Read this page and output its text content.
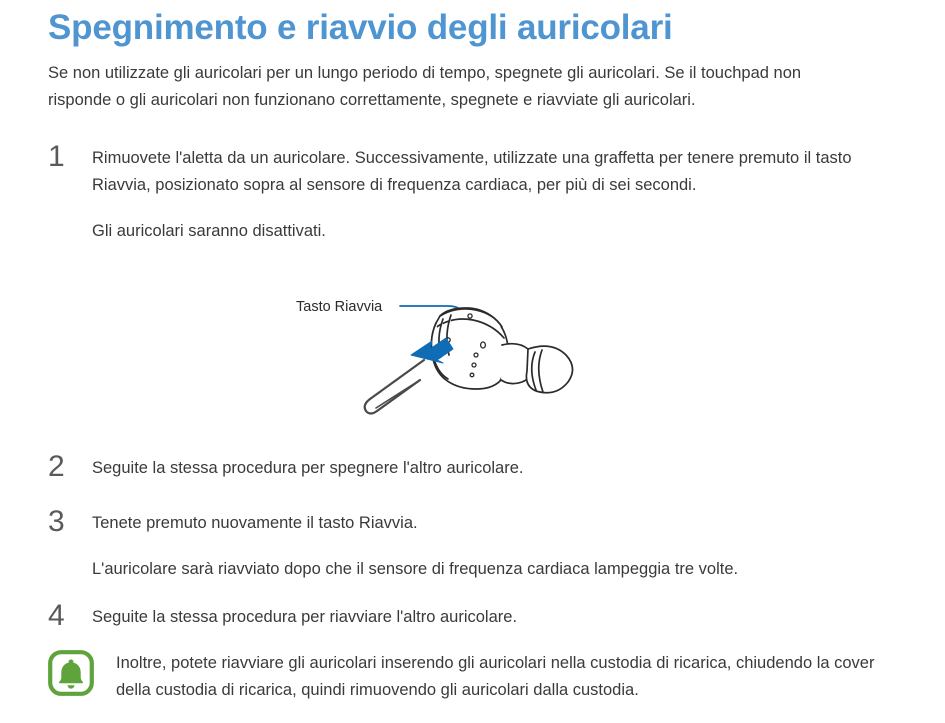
Spegnimento e riavvio degli auricolari

Se non utilizzate gli auricolari per un lungo periodo di tempo, spegnete gli auricolari. Se il touchpad non risponde o gli auricolari non funzionano correttamente, spegnete e riavviate gli auricolari.

1	Rimuovete l'aletta da un auricolare. Successivamente, utilizzate una graffetta per tenere premuto il tasto Riavvia, posizionato sopra al sensore di frequenza cardiaca, per più di sei secondi.

Gli auricolari saranno disattivati.

Tasto Riavvia
2	Seguite la stessa procedura per spegnere l'altro auricolare.

3	Tenete premuto nuovamente il tasto Riavvia.

L'auricolare sarà riavviato dopo che il sensore di frequenza cardiaca lampeggia tre volte.

4	Seguite la stessa procedura per riavviare l'altro auricolare.

Inoltre, potete riavviare gli auricolari inserendo gli auricolari nella custodia di ricarica, chiudendo la cover della custodia di ricarica, quindi rimuovendo gli auricolari dalla custodia.
